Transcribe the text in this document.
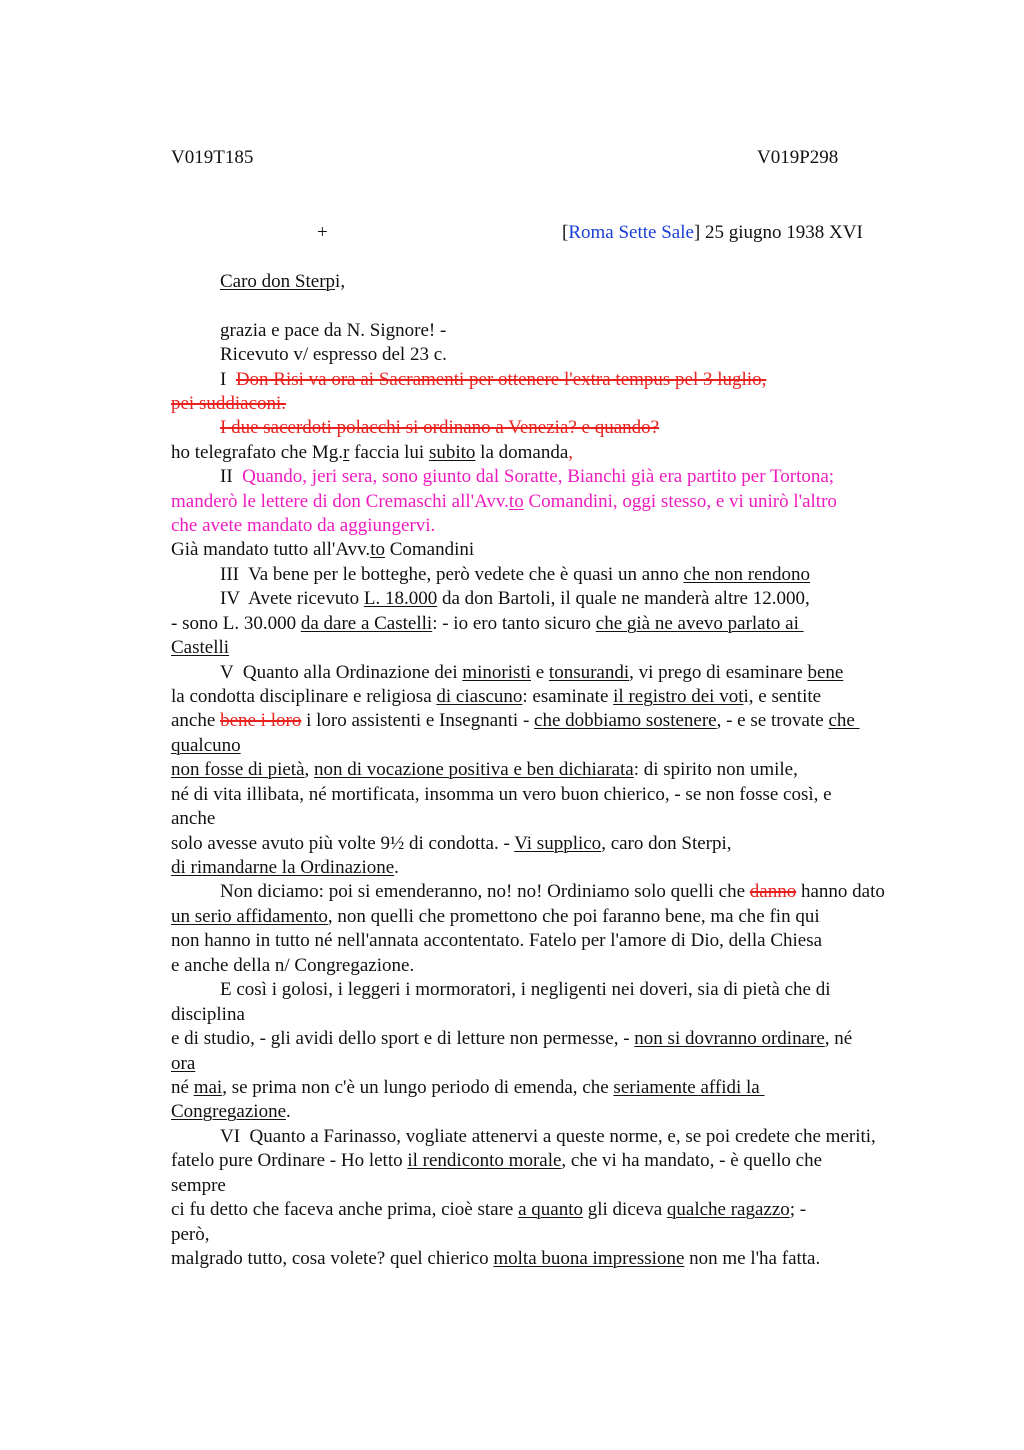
V019T185	V019P298
+	[Roma Sette Sale] 25 giugno 1938 XVI
Caro don Sterpi,
grazia e pace da N. Signore! -
Ricevuto v/ espresso del 23 c.
I  Don Risi va ora ai Sacramenti per ottenere l'extra tempus pel 3 luglio,
pei suddiaconi.
I due sacerdoti polacchi si ordinano a Venezia? e quando?
ho telegrafato che Mg.r faccia lui subito la domanda,
II  Quando, jeri sera, sono giunto dal Soratte, Bianchi già era partito per Tortona;
manderò le lettere di don Cremaschi all'Avv.to Comandini, oggi stesso, e vi unirò l'altro
che avete mandato da aggiungervi.
Già mandato tutto all'Avv.to Comandini
III  Va bene per le botteghe, però vedete che è quasi un anno che non rendono
IV  Avete ricevuto L. 18.000 da don Bartoli, il quale ne manderà altre 12.000,
- sono L. 30.000 da dare a Castelli: - io ero tanto sicuro che già ne avevo parlato ai
Castelli
V  Quanto alla Ordinazione dei minoristi e tonsurandi, vi prego di esaminare bene
la condotta disciplinare e religiosa di ciascuno: esaminate il registro dei voti, e sentite
anche bene i loro i loro assistenti e Insegnanti - che dobbiamo sostenere, - e se trovate che
qualcuno
non fosse di pietà, non di vocazione positiva e ben dichiarata: di spirito non umile,
né di vita illibata, né mortificata, insomma un vero buon chierico, - se non fosse così, e
anche
solo avesse avuto più volte 9½ di condotta. - Vi supplico, caro don Sterpi,
di rimandarne la Ordinazione.
Non diciamo: poi si emenderanno, no! no! Ordiniamo solo quelli che danno hanno dato
un serio affidamento, non quelli che promettono che poi faranno bene, ma che fin qui
non hanno in tutto né nell'annata accontentato. Fatelo per l'amore di Dio, della Chiesa
e anche della n/ Congregazione.
E così i golosi, i leggeri i mormoratori, i negligenti nei doveri, sia di pietà che di
disciplina
e di studio, - gli avidi dello sport e di letture non permesse, - non si dovranno ordinare, né
ora
né mai, se prima non c'è un lungo periodo di emenda, che seriamente affidi la
Congregazione.
VI  Quanto a Farinasso, vogliate attenervi a queste norme, e, se poi credete che meriti,
fatelo pure Ordinare - Ho letto il rendiconto morale, che vi ha mandato, - è quello che
sempre
ci fu detto che faceva anche prima, cioè stare a quanto gli diceva qualche ragazzo; -
però,
malgrado tutto, cosa volete? quel chierico molta buona impressione non me l'ha fatta.
